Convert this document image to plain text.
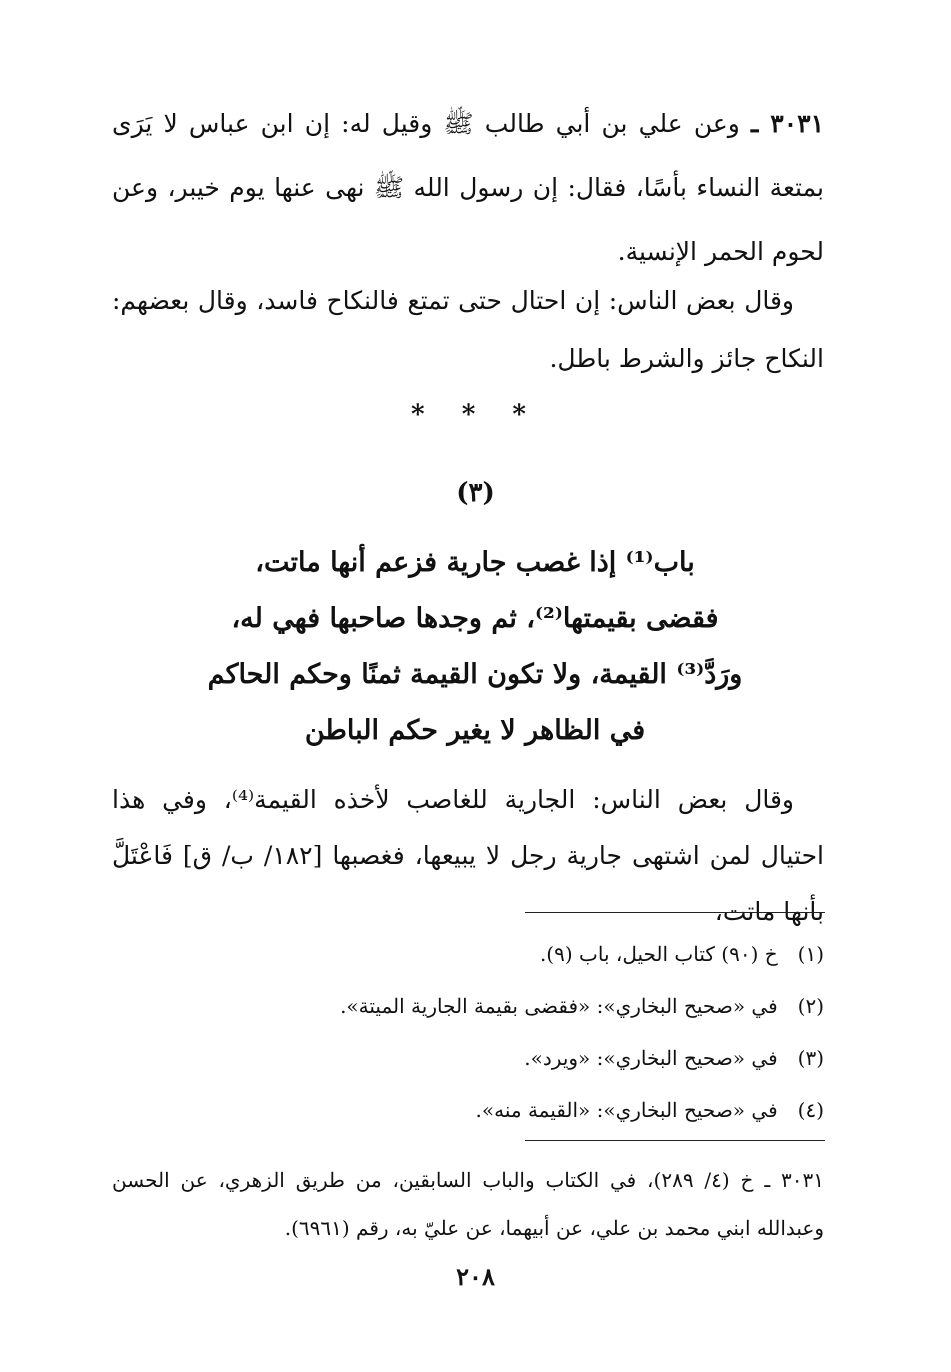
٣٠٣١ ـ وعن علي بن أبي طالب ﷺ وقيل له: إن ابن عباس لا يَرَى بمتعة النساء بأسًا، فقال: إن رسول الله ﷺ نهى عنها يوم خيبر، وعن لحوم الحمر الإنسية.
وقال بعض الناس: إن احتال حتى تمتع فالنكاح فاسد، وقال بعضهم: النكاح جائز والشرط باطل.
* * *
(٣)
باب⁽¹⁾ إذا غصب جارية فزعم أنها ماتت،
فقضى بقيمتها⁽²⁾، ثم وجدها صاحبها فهي له،
ورَدَّ⁽³⁾ القيمة، ولا تكون القيمة ثمنًا وحكم الحاكم
في الظاهر لا يغير حكم الباطن
وقال بعض الناس: الجارية للغاصب لأخذه القيمة⁽⁴⁾، وفي هذا احتيال لمن اشتهى جارية رجل لا يبيعها، فغصبها [١٨٢/ ب/ ق] فَاعْتَلَّ بأنها ماتت،
(١) خ (٩٠) كتاب الحيل، باب (٩).
(٢) في «صحيح البخاري»: «فقضى بقيمة الجارية الميتة».
(٣) في «صحيح البخاري»: «ويرد».
(٤) في «صحيح البخاري»: «القيمة منه».
٣٠٣١ ـ خ (٤/ ٢٨٩)، في الكتاب والباب السابقين، من طريق الزهري، عن الحسن وعبدالله ابني محمد بن علي، عن أبيهما، عن عليّ به، رقم (٦٩٦١).
٢٠٨
